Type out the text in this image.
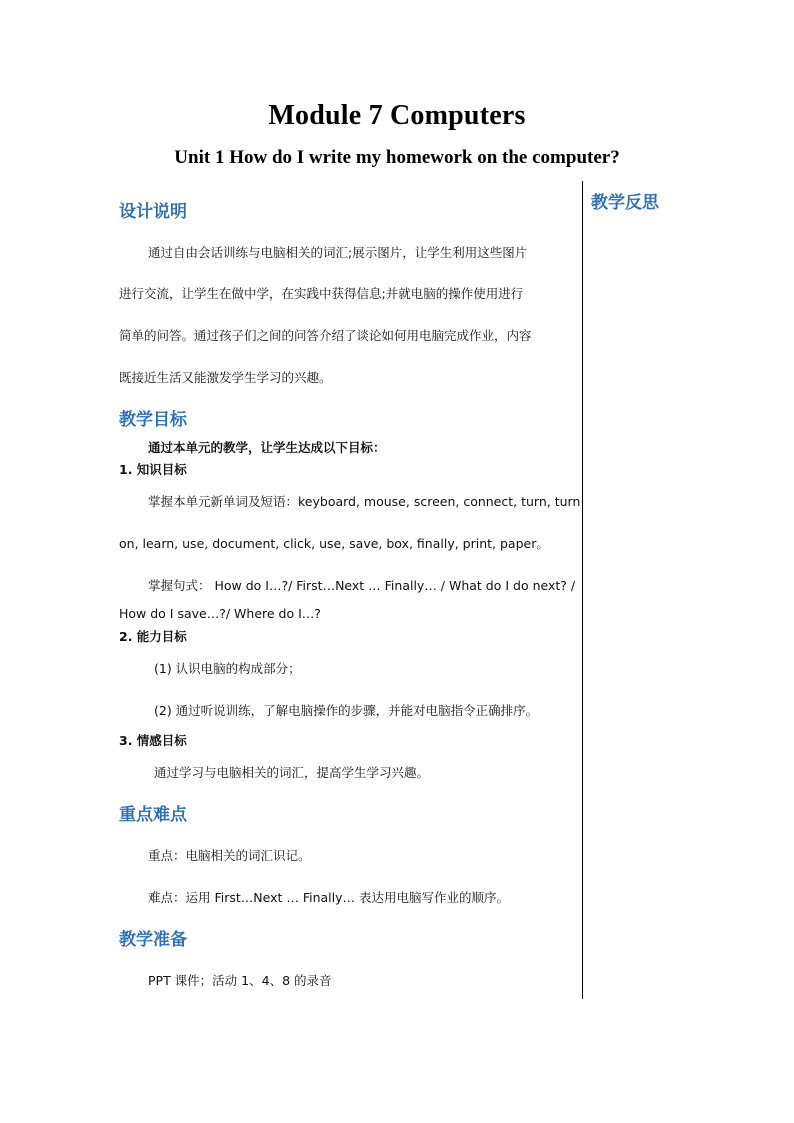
Module 7 Computers
Unit 1 How do I write my homework on the computer?
教学反思
设计说明
通过自由会话训练与电脑相关的词汇;展示图片，让学生利用这些图片
进行交流，让学生在做中学，在实践中获得信息;并就电脑的操作使用进行
简单的问答。通过孩子们之间的问答介绍了谈论如何用电脑完成作业，内容
既接近生活又能激发学生学习的兴趣。
教学目标
通过本单元的教学，让学生达成以下目标：
1. 知识目标
掌握本单元新单词及短语：keyboard, mouse, screen, connect, turn, turn
on, learn, use, document, click, use, save, box, finally, print, paper。
掌握句式： How do I…?/ First…Next … Finally… / What do I do next? /
How do I save…?/ Where do I…?
2. 能力目标
(1) 认识电脑的构成部分；
(2) 通过听说训练，了解电脑操作的步骤，并能对电脑指令正确排序。
3. 情感目标
通过学习与电脑相关的词汇，提高学生学习兴趣。
重点难点
重点：电脑相关的词汇识记。
难点：运用 First…Next … Finally… 表达用电脑写作业的顺序。
教学准备
PPT 课件；活动 1、4、8 的录音
